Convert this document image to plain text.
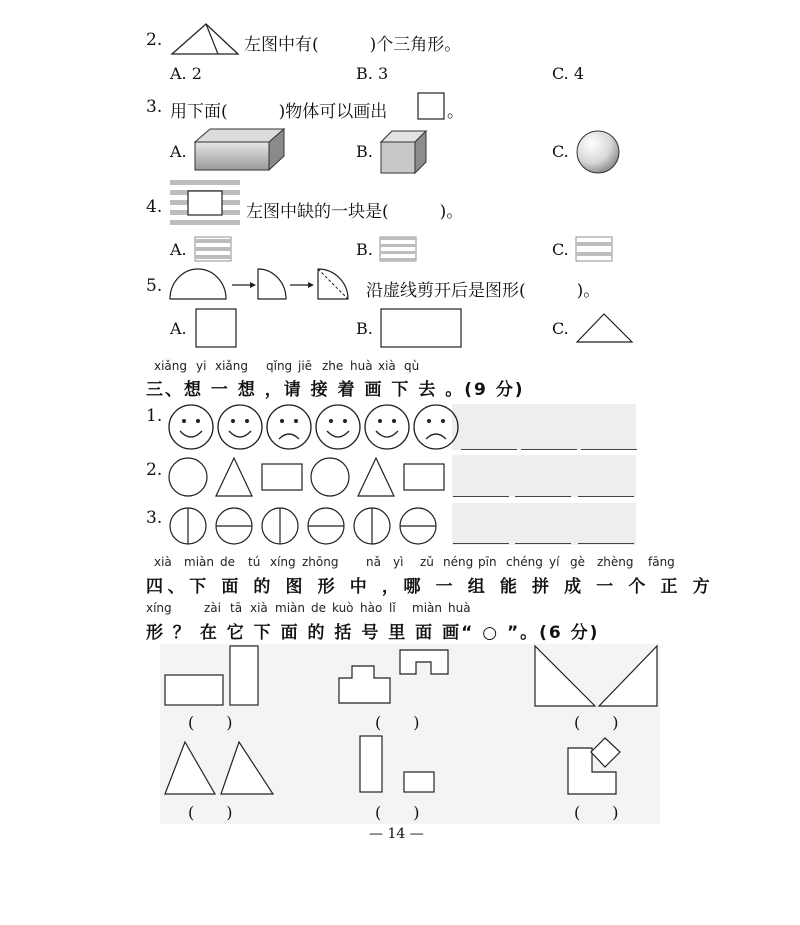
2.	左图中有(　　　)个三角形。
A. 2	B. 3	C. 4
3. 用下面(　　　)物体可以画出	。
A.	B.	C.
4.	左图中缺的一块是(　　　)。
A.	B.	C.
5.	沿虚线剪开后是图形(　　　)。
A.	B.	C.
xiǎng yi xiǎng qǐng jiē zhe huà xià qù
三、想 一 想 ，请 接 着 画 下 去 。(9 分)
1.
2.
3.
xià miàn de tú xíng zhōng nǎ yì zǔ néng pīn chéng yí gè zhèng fāng
四、下 面 的 图 形 中 ，哪 一 组 能 拼 成 一 个 正 方
xíng	zài tā xià miàn de kuò hào lǐ miàn huà
形 ？ 在 它 下 面 的 括 号 里 面 画“ ○ ”。(6 分)
(　　)	(　　)	(　　)
(　　)	(　　)	(　　)
— 14 —
